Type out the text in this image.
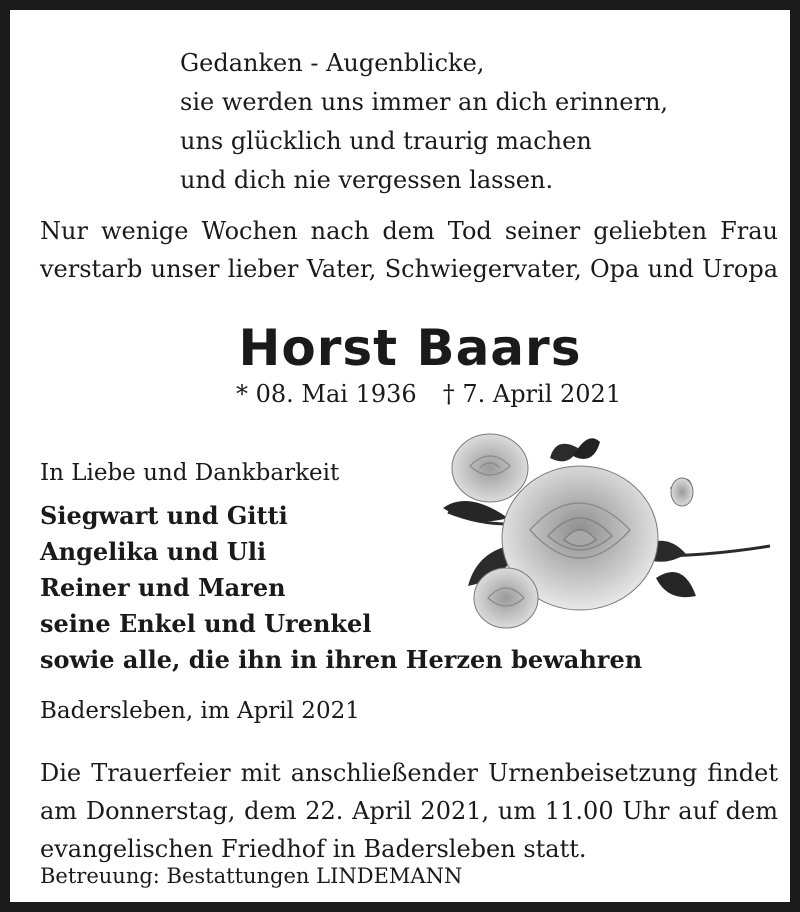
Gedanken - Augenblicke,
sie werden uns immer an dich erinnern,
uns glücklich und traurig machen
und dich nie vergessen lassen.
Nur wenige Wochen nach dem Tod seiner geliebten Frau
verstarb unser lieber Vater, Schwiegervater, Opa und Uropa
Horst Baars
* 08. Mai 1936 † 7. April 2021
In Liebe und Dankbarkeit
Siegwart und Gitti
Angelika und Uli
Reiner und Maren
seine Enkel und Urenkel
sowie alle, die ihn in ihren Herzen bewahren
Badersleben, im April 2021
Die Trauerfeier mit anschließender Urnenbeisetzung findet
am Donnerstag, dem 22. April 2021, um 11.00 Uhr auf dem
evangelischen Friedhof in Badersleben statt.
Betreuung: Bestattungen LINDEMANN
